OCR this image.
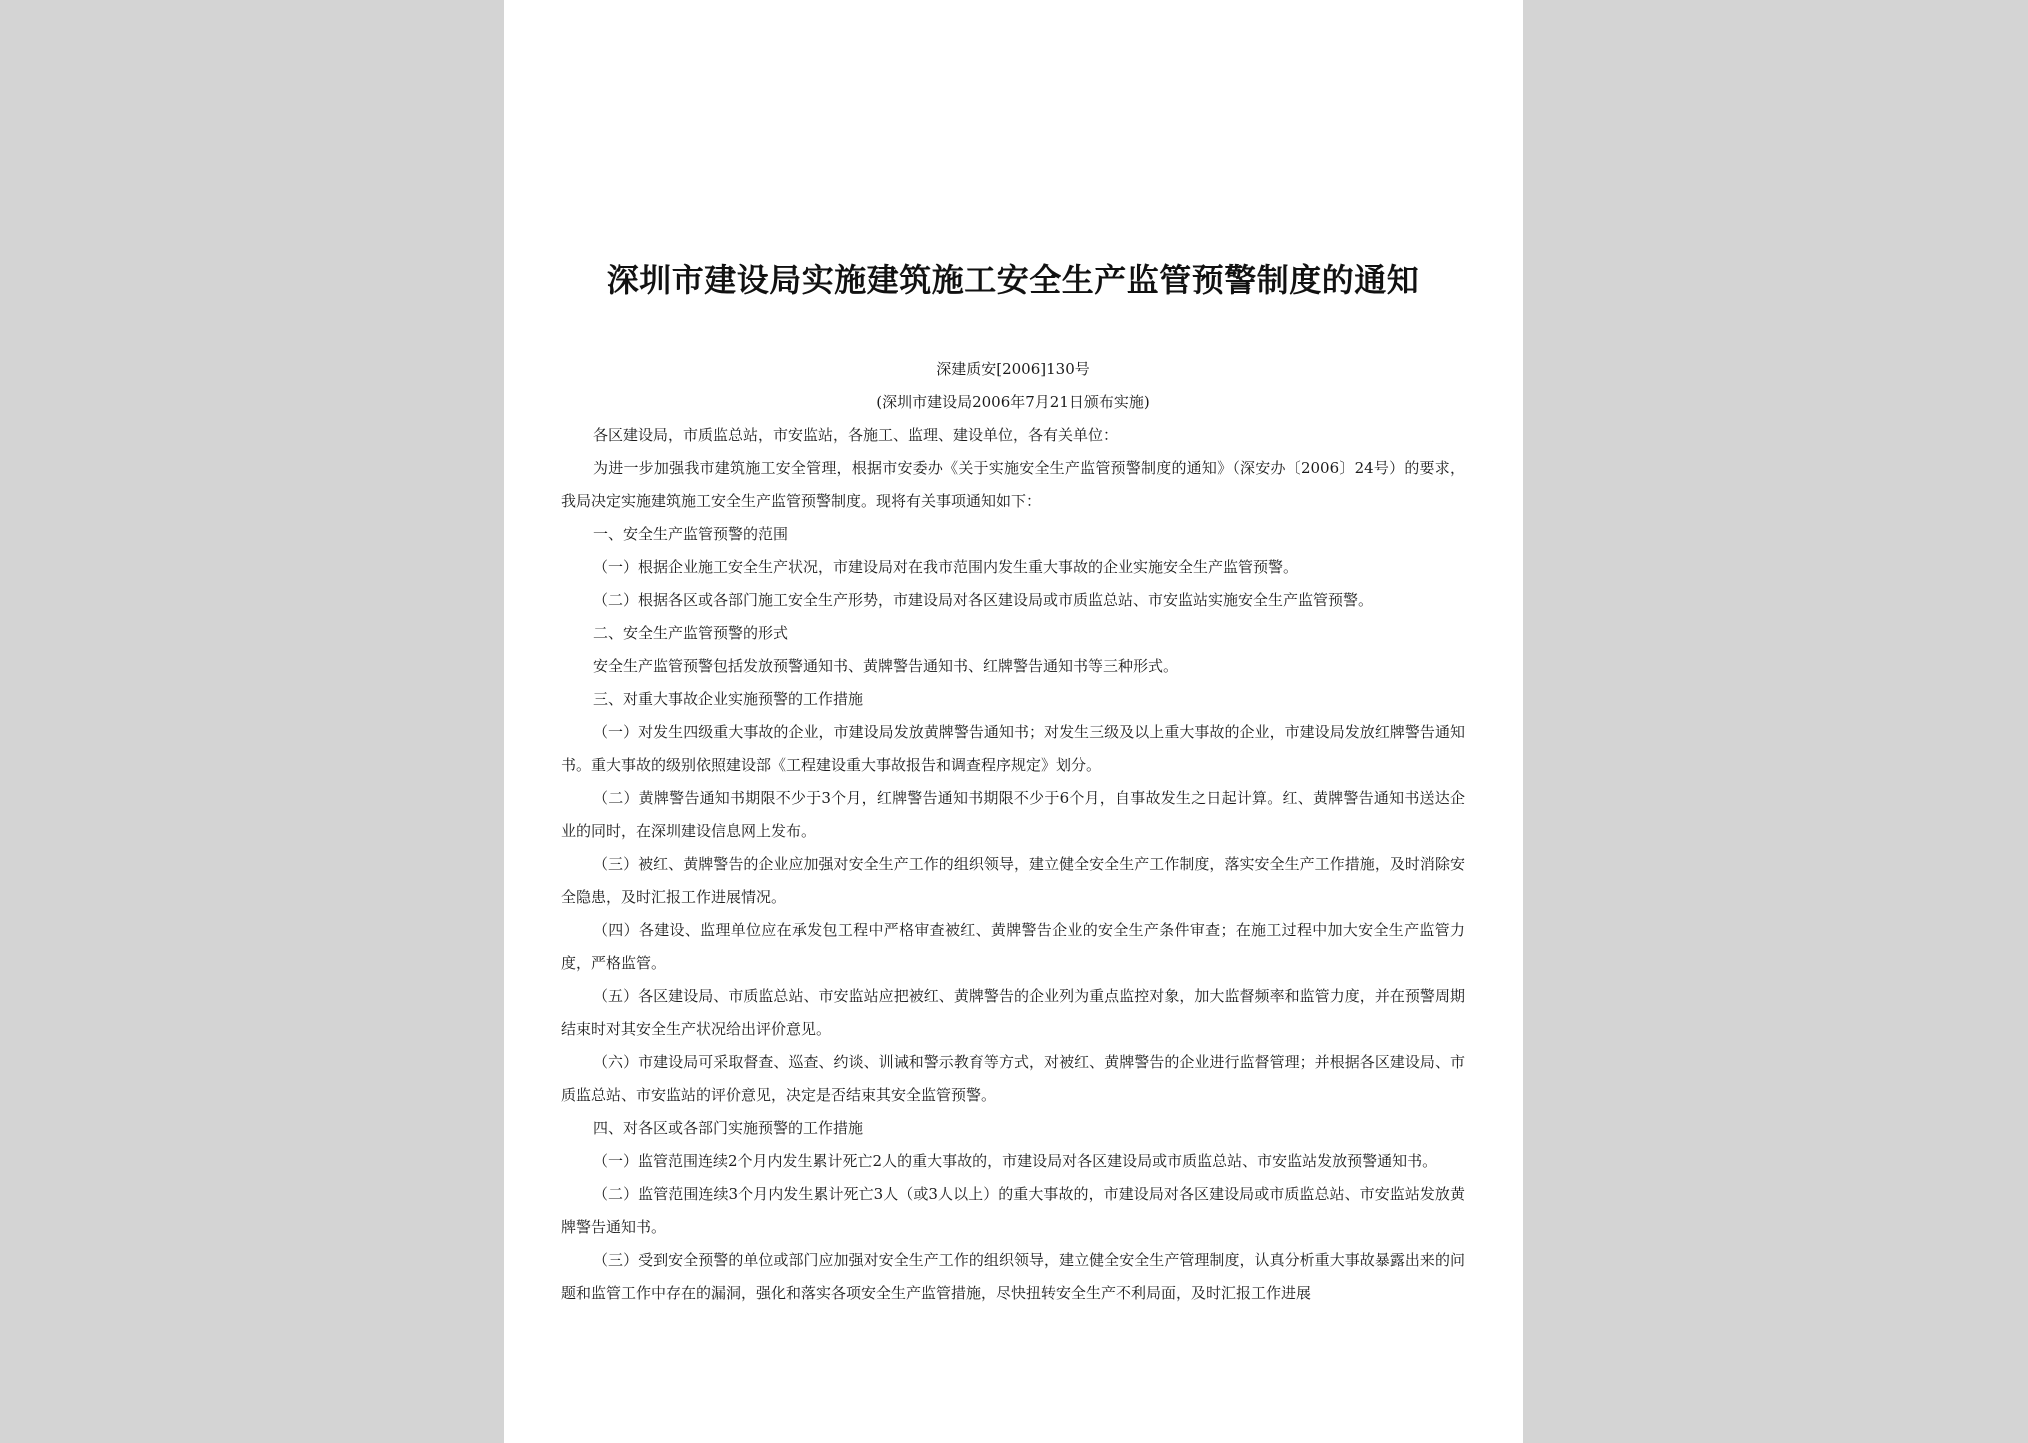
深圳市建设局实施建筑施工安全生产监管预警制度的通知
深建质安[2006]130号
(深圳市建设局2006年7月21日颁布实施)

各区建设局，市质监总站，市安监站，各施工、监理、建设单位，各有关单位：

为进一步加强我市建筑施工安全管理，根据市安委办《关于实施安全生产监管预警制度的通知》（深安办〔2006〕24号）的要求，我局决定实施建筑施工安全生产监管预警制度。现将有关事项通知如下：

一、安全生产监管预警的范围

（一）根据企业施工安全生产状况，市建设局对在我市范围内发生重大事故的企业实施安全生产监管预警。

（二）根据各区或各部门施工安全生产形势，市建设局对各区建设局或市质监总站、市安监站实施安全生产监管预警。

二、安全生产监管预警的形式

安全生产监管预警包括发放预警通知书、黄牌警告通知书、红牌警告通知书等三种形式。

三、对重大事故企业实施预警的工作措施

（一）对发生四级重大事故的企业，市建设局发放黄牌警告通知书；对发生三级及以上重大事故的企业，市建设局发放红牌警告通知书。重大事故的级别依照建设部《工程建设重大事故报告和调查程序规定》划分。

（二）黄牌警告通知书期限不少于3个月，红牌警告通知书期限不少于6个月，自事故发生之日起计算。红、黄牌警告通知书送达企业的同时，在深圳建设信息网上发布。

（三）被红、黄牌警告的企业应加强对安全生产工作的组织领导，建立健全安全生产工作制度，落实安全生产工作措施，及时消除安全隐患，及时汇报工作进展情况。

（四）各建设、监理单位应在承发包工程中严格审查被红、黄牌警告企业的安全生产条件审查；在施工过程中加大安全生产监管力度，严格监管。

（五）各区建设局、市质监总站、市安监站应把被红、黄牌警告的企业列为重点监控对象，加大监督频率和监管力度，并在预警周期结束时对其安全生产状况给出评价意见。

（六）市建设局可采取督查、巡查、约谈、训诫和警示教育等方式，对被红、黄牌警告的企业进行监督管理；并根据各区建设局、市质监总站、市安监站的评价意见，决定是否结束其安全监管预警。

四、对各区或各部门实施预警的工作措施

（一）监管范围连续2个月内发生累计死亡2人的重大事故的，市建设局对各区建设局或市质监总站、市安监站发放预警通知书。

（二）监管范围连续3个月内发生累计死亡3人（或3人以上）的重大事故的，市建设局对各区建设局或市质监总站、市安监站发放黄牌警告通知书。

（三）受到安全预警的单位或部门应加强对安全生产工作的组织领导，建立健全安全生产管理制度，认真分析重大事故暴露出来的问题和监管工作中存在的漏洞，强化和落实各项安全生产监管措施，尽快扭转安全生产不利局面，及时汇报工作进展
